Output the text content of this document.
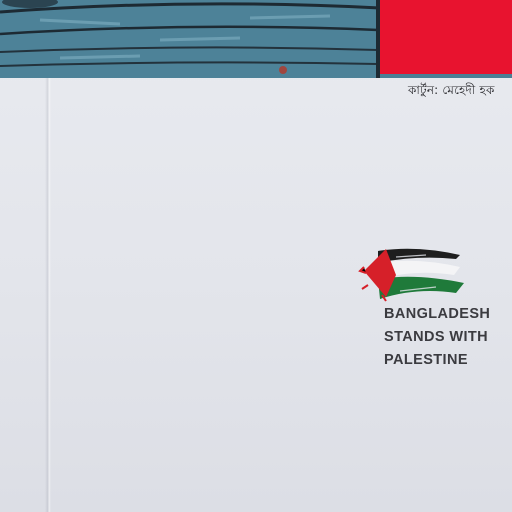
কার্টুন: মেহেদী হক
BANGLADESH
STANDS WITH
PALESTINE
